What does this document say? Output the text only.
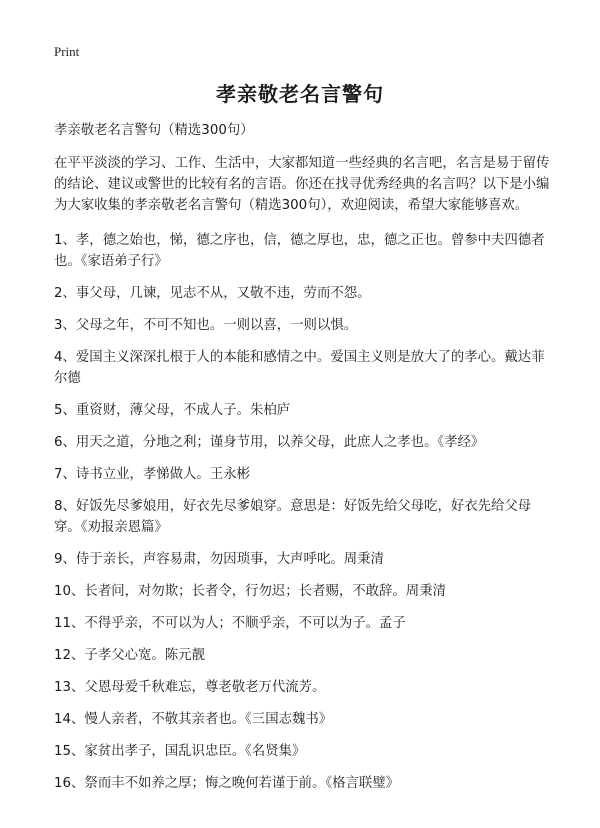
Print
孝亲敬老名言警句

孝亲敬老名言警句（精选300句）

在平平淡淡的学习、工作、生活中，大家都知道一些经典的名言吧，名言是易于留传的结论、建议或警世的比较有名的言语。你还在找寻优秀经典的名言吗？以下是小编为大家收集的孝亲敬老名言警句（精选300句），欢迎阅读，希望大家能够喜欢。

1、孝，德之始也，悌，德之序也，信，德之厚也，忠，德之正也。曾参中夫四德者也。《家语弟子行》

2、事父母，几谏，见志不从，又敬不违，劳而不怨。

3、父母之年，不可不知也。一则以喜，一则以惧。

4、爱国主义深深扎根于人的本能和感情之中。爱国主义则是放大了的孝心。戴达菲尔德

5、重资财，薄父母，不成人子。朱柏庐

6、用天之道，分地之利；谨身节用，以养父母，此庶人之孝也。《孝经》

7、诗书立业，孝悌做人。王永彬

8、好饭先尽爹娘用，好衣先尽爹娘穿。意思是：好饭先给父母吃，好衣先给父母穿。《劝报亲恩篇》

9、侍于亲长，声容易肃，勿因琐事，大声呼叱。周秉清

10、长者问，对勿欺；长者令，行勿迟；长者赐，不敢辞。周秉清

11、不得乎亲，不可以为人；不顺乎亲，不可以为子。孟子

12、子孝父心宽。陈元靓

13、父恩母爱千秋难忘，尊老敬老万代流芳。

14、慢人亲者，不敬其亲者也。《三国志魏书》

15、家贫出孝子，国乱识忠臣。《名贤集》

16、祭而丰不如养之厚；悔之晚何若谨于前。《格言联璧》
